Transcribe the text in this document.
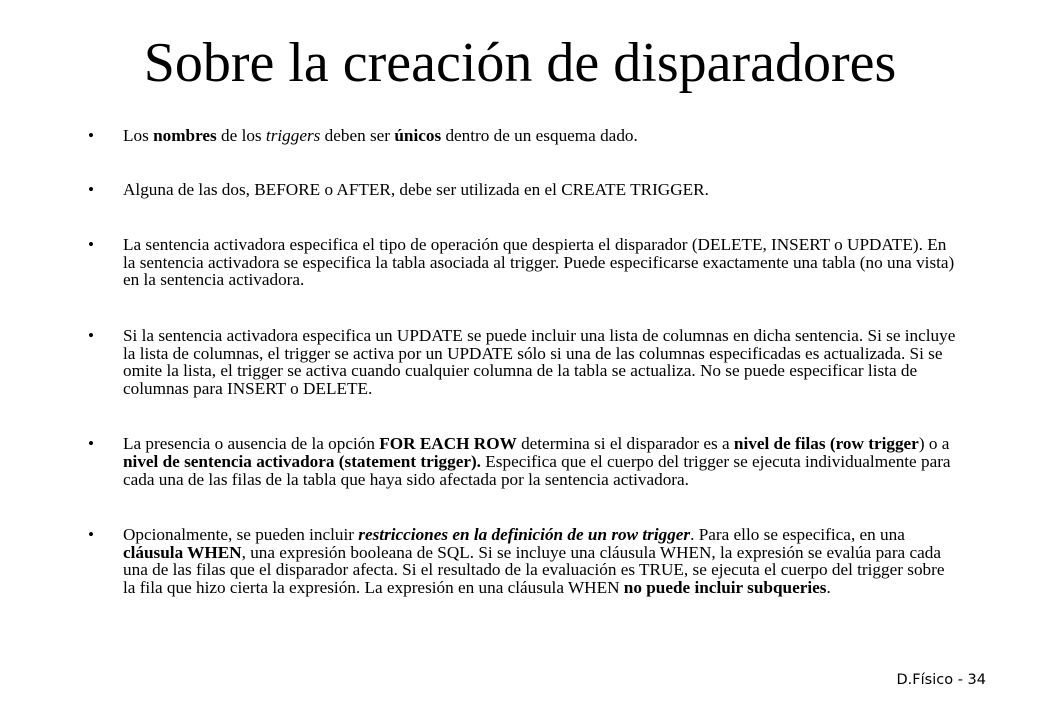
Sobre la creación de disparadores
• Los nombres de los triggers deben ser únicos dentro de un esquema dado.
• Alguna de las dos, BEFORE o AFTER, debe ser utilizada en el CREATE TRIGGER.
• La sentencia activadora especifica el tipo de operación que despierta el disparador (DELETE, INSERT o UPDATE). En la sentencia activadora se especifica la tabla asociada al trigger. Puede especificarse exactamente una tabla (no una vista) en la sentencia activadora.
• Si la sentencia activadora especifica un UPDATE se puede incluir una lista de columnas en dicha sentencia. Si se incluye la lista de columnas, el trigger se activa por un UPDATE sólo si una de las columnas especificadas es actualizada. Si se omite la lista, el trigger se activa cuando cualquier columna de la tabla se actualiza. No se puede especificar lista de columnas para INSERT o DELETE.
• La presencia o ausencia de la opción FOR EACH ROW determina si el disparador es a nivel de filas (row trigger) o a nivel de sentencia activadora (statement trigger). Especifica que el cuerpo del trigger se ejecuta individualmente para cada una de las filas de la tabla que haya sido afectada por la sentencia activadora.
• Opcionalmente, se pueden incluir restricciones en la definición de un row trigger. Para ello se especifica, en una cláusula WHEN, una expresión booleana de SQL. Si se incluye una cláusula WHEN, la expresión se evalúa para cada una de las filas que el disparador afecta. Si el resultado de la evaluación es TRUE, se ejecuta el cuerpo del trigger sobre la fila que hizo cierta la expresión. La expresión en una cláusula WHEN no puede incluir subqueries.
D.Físico - 34
